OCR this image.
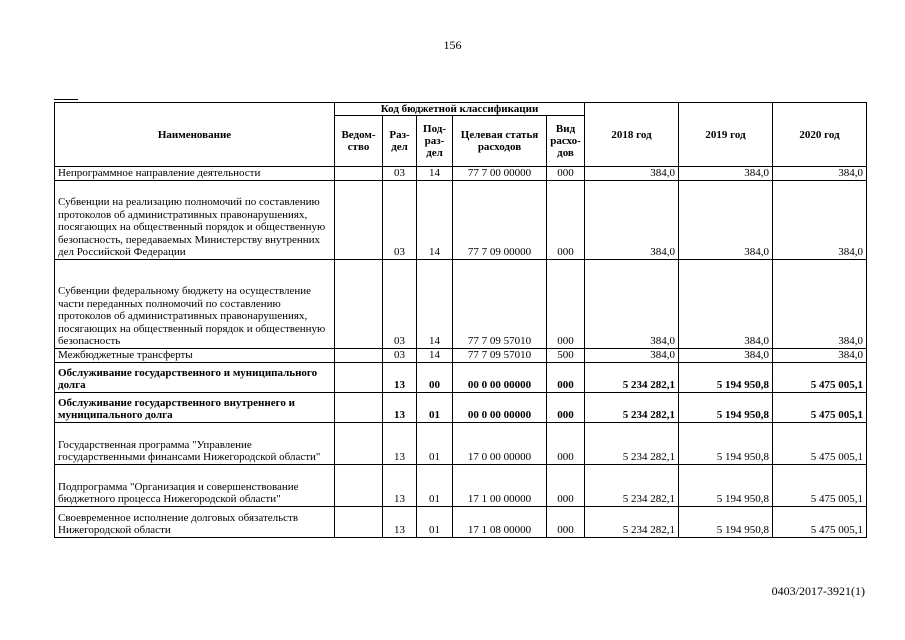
156
Наименование	Код бюджетной классификации					2018 год	2019 год	2020 год
	Ведом-ство	Раз-дел	Под-раз-дел	Целевая статья расходов	Вид расхо-дов			
Непрограммное направление деятельности		03	14	77 7 00 00000	000	384,0	384,0	384,0
Субвенции на реализацию полномочий по составлению протоколов об административных правонарушениях, посягающих на общественный порядок и общественную безопасность, передаваемых Министерству внутренних дел Российской Федерации		03	14	77 7 09 00000	000	384,0	384,0	384,0
Субвенции федеральному бюджету на осуществление части переданных полномочий по составлению протоколов об административных правонарушениях, посягающих на общественный порядок и общественную безопасность		03	14	77 7 09 57010	000	384,0	384,0	384,0
Межбюджетные трансферты		03	14	77 7 09 57010	500	384,0	384,0	384,0
Обслуживание государственного и муниципального долга		13	00	00 0 00 00000	000	5 234 282,1	5 194 950,8	5 475 005,1
Обслуживание государственного внутреннего и муниципального долга		13	01	00 0 00 00000	000	5 234 282,1	5 194 950,8	5 475 005,1
Государственная программа "Управление государственными финансами Нижегородской области"		13	01	17 0 00 00000	000	5 234 282,1	5 194 950,8	5 475 005,1
Подпрограмма "Организация и совершенствование бюджетного процесса Нижегородской области"		13	01	17 1 00 00000	000	5 234 282,1	5 194 950,8	5 475 005,1
Своевременное исполнение долговых обязательств Нижегородской области		13	01	17 1 08 00000	000	5 234 282,1	5 194 950,8	5 475 005,1
0403/2017-3921(1)
